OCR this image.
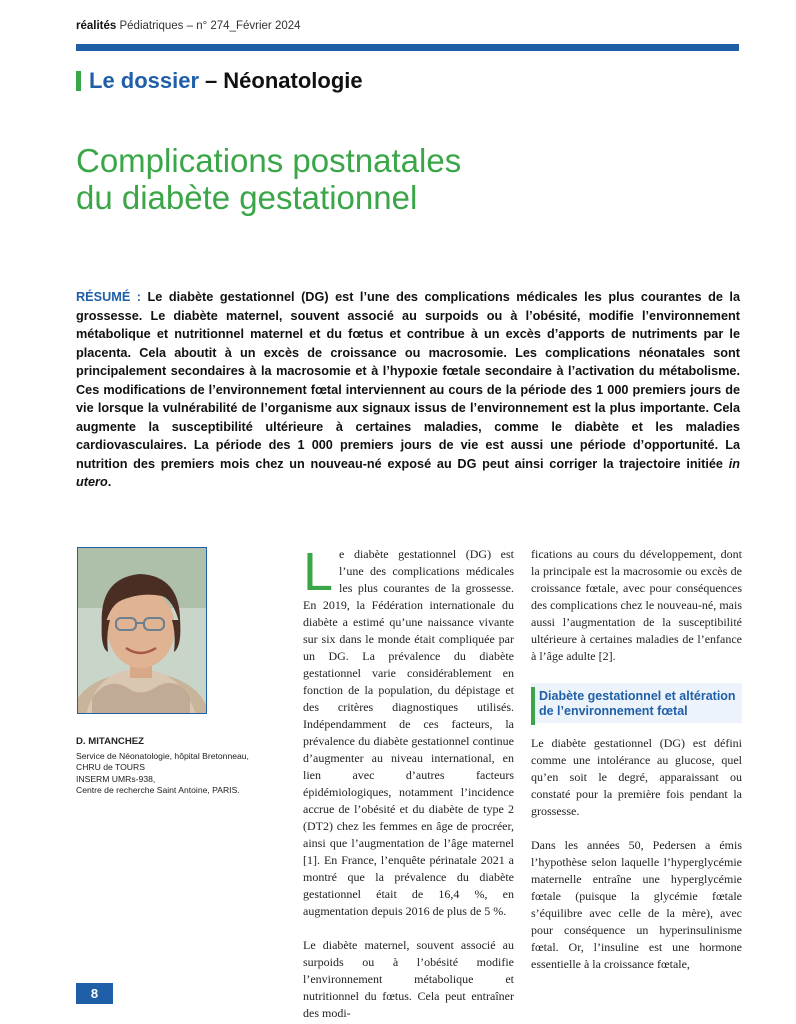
réalités Pédiatriques – n° 274_Février 2024
Le dossier – Néonatologie
Complications postnatales
du diabète gestationnel
RÉSUMÉ : Le diabète gestationnel (DG) est l’une des complications médicales les plus courantes de la grossesse. Le diabète maternel, souvent associé au surpoids ou à l’obésité, modifie l’environnement métabolique et nutritionnel maternel et du fœtus et contribue à un excès d’apports de nutriments par le placenta. Cela aboutit à un excès de croissance ou macrosomie. Les complications néonatales sont principalement secondaires à la macrosomie et à l’hypoxie fœtale secondaire à l’activation du métabolisme. Ces modifications de l’environnement fœtal interviennent au cours de la période des 1 000 premiers jours de vie lorsque la vulnérabilité de l’organisme aux signaux issus de l’environnement est la plus importante. Cela augmente la susceptibilité ultérieure à certaines maladies, comme le diabète et les maladies cardiovasculaires. La période des 1 000 premiers jours de vie est aussi une période d’opportunité. La nutrition des premiers mois chez un nouveau-né exposé au DG peut ainsi corriger la trajectoire initiée in utero.
D. MITANCHEZ
Service de Néonatologie, hôpital Bretonneau,
CHRU de TOURS
INSERM UMRs-938,
Centre de recherche Saint Antoine, PARIS.

Le diabète gestationnel (DG) est l’une des complications médicales les plus courantes de la grossesse. En 2019, la Fédération internationale du diabète a estimé qu’une naissance vivante sur six dans le monde était compliquée par un DG. La prévalence du diabète gestationnel varie considérablement en fonction de la population, du dépistage et des critères diagnostiques utilisés. Indépendamment de ces facteurs, la prévalence du diabète gestationnel continue d’augmenter au niveau international, en lien avec d’autres facteurs épidémiologiques, notamment l’incidence accrue de l’obésité et du diabète de type 2 (DT2) chez les femmes en âge de procréer, ainsi que l’augmentation de l’âge maternel [1]. En France, l’enquête périnatale 2021 a montré que la prévalence du diabète gestationnel était de 16,4 %, en augmentation depuis 2016 de plus de 5 %.

Le diabète maternel, souvent associé au surpoids ou à l’obésité modifie l’environnement métabolique et nutritionnel du fœtus. Cela peut entraîner des modi-

fications au cours du développement, dont la principale est la macrosomie ou excès de croissance fœtale, avec pour conséquences des complications chez le nouveau-né, mais aussi l’augmentation de la susceptibilité ultérieure à certaines maladies de l’enfance à l’âge adulte [2].

Diabète gestationnel et altération de l’environnement fœtal

Le diabète gestationnel (DG) est défini comme une intolérance au glucose, quel qu’en soit le degré, apparaissant ou constaté pour la première fois pendant la grossesse.

Dans les années 50, Pedersen a émis l’hypothèse selon laquelle l’hyperglycémie maternelle entraîne une hyperglycémie fœtale (puisque la glycémie fœtale s’équilibre avec celle de la mère), avec pour conséquence un hyperinsulinisme fœtal. Or, l’insuline est une hormone essentielle à la croissance fœtale,

8
